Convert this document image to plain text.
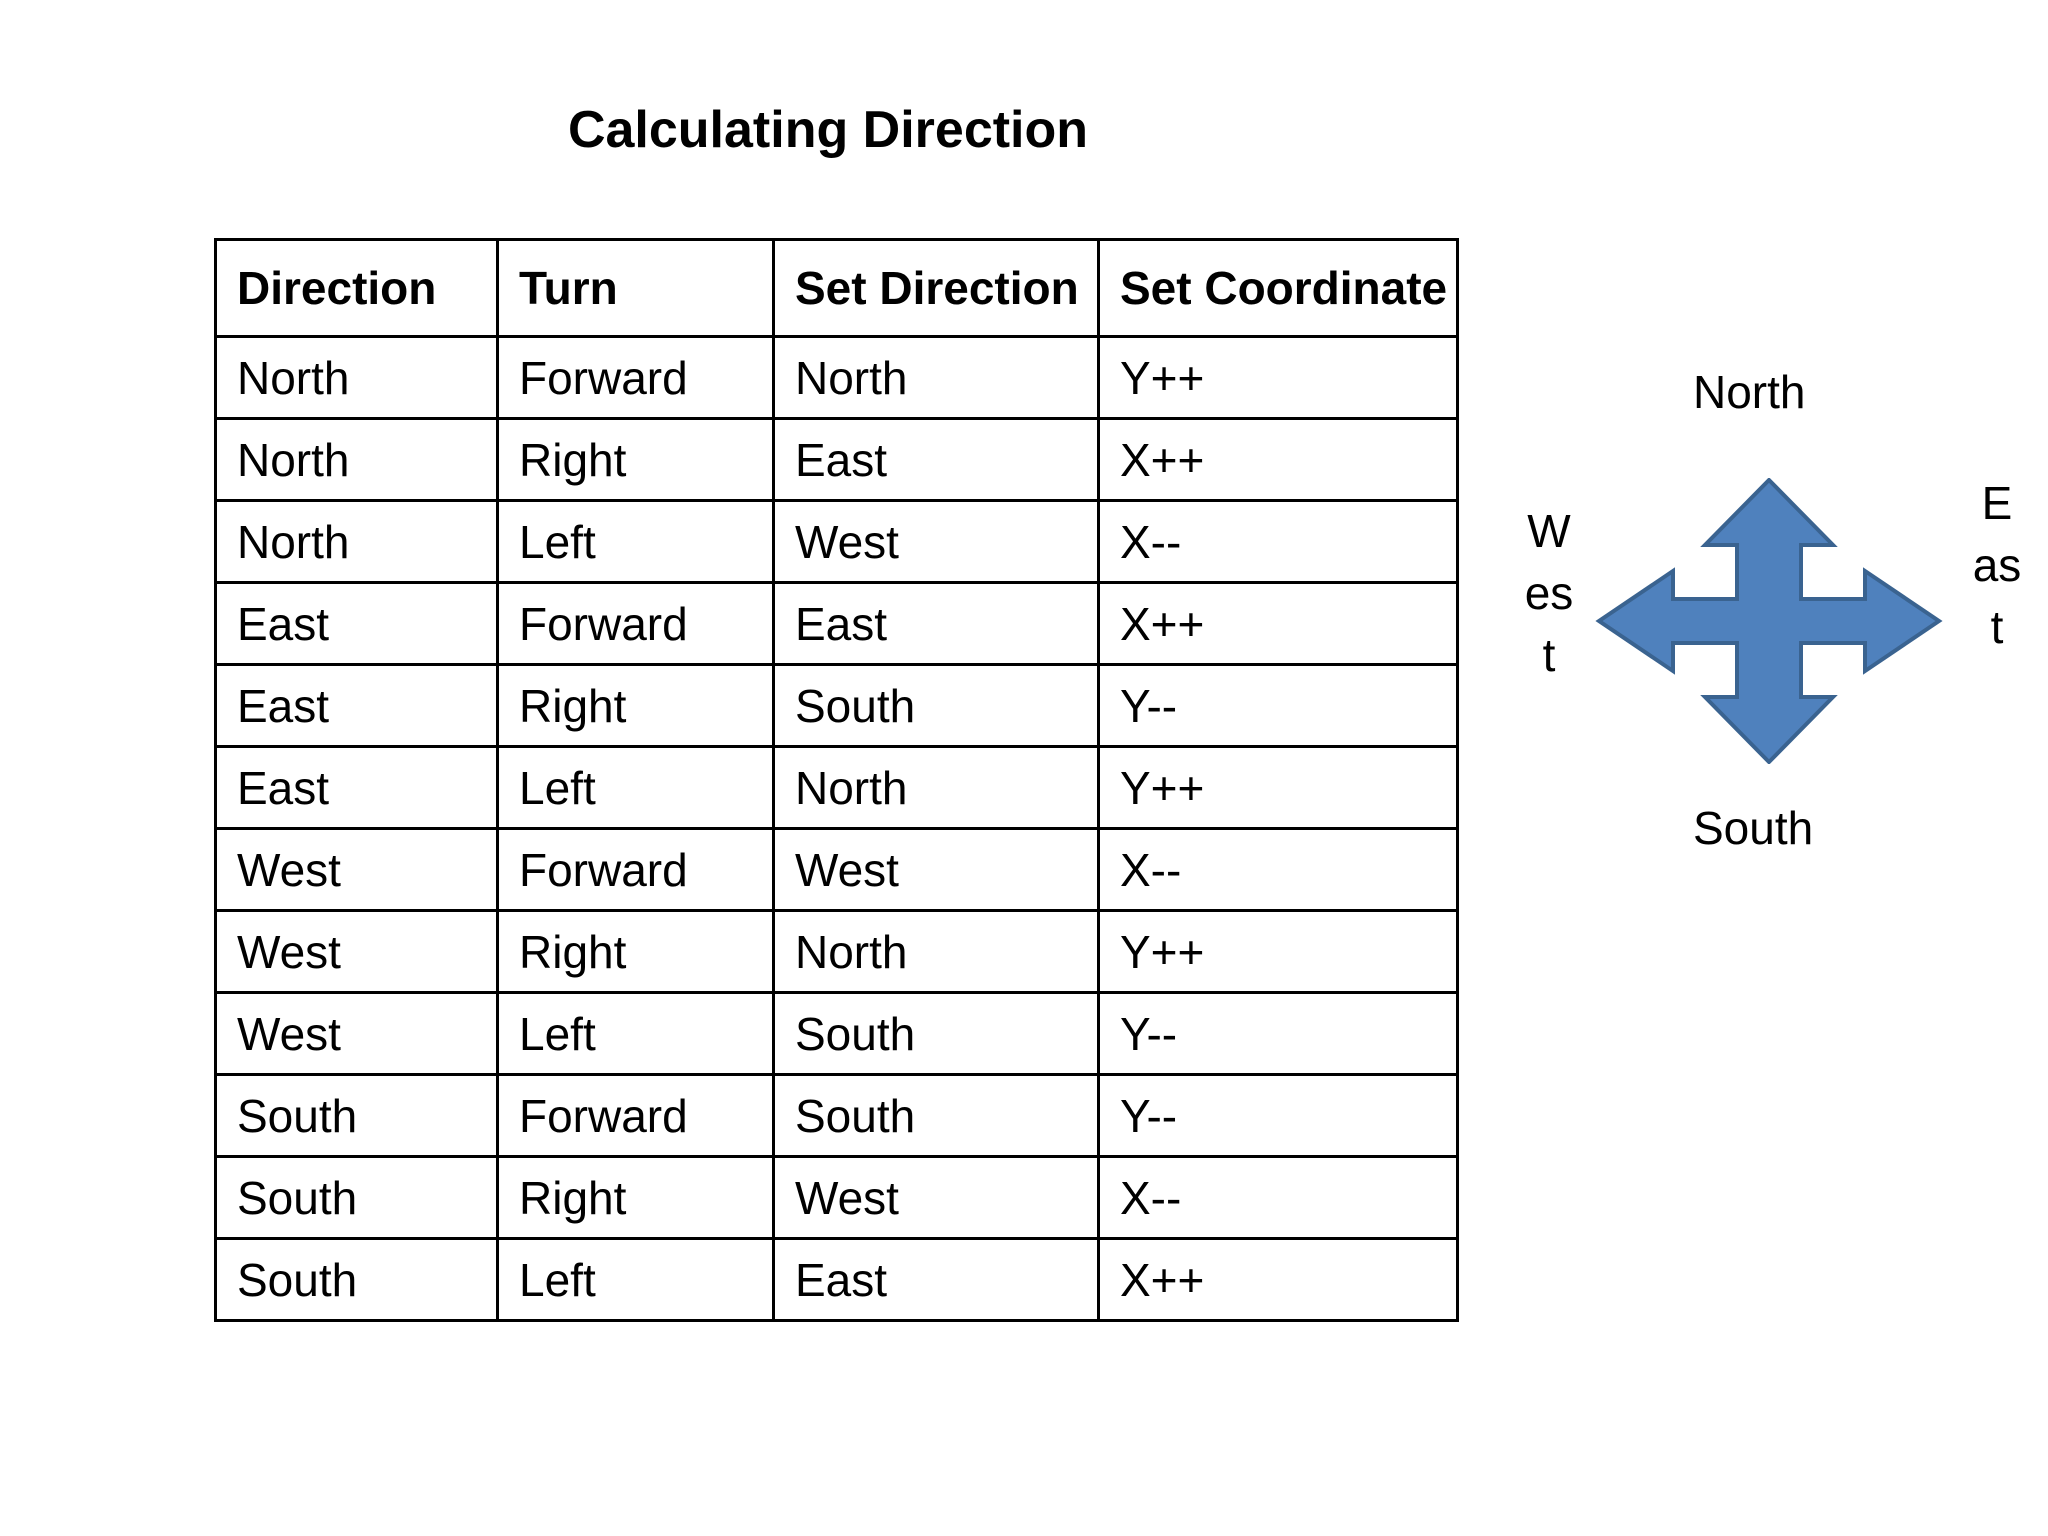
Calculating Direction
Direction	Turn	Set Direction	Set Coordinate
North	Forward	North	Y++
North	Right	East	X++
North	Left	West	X--
East	Forward	East	X++
East	Right	South	Y--
East	Left	North	Y++
West	Forward	West	X--
West	Right	North	Y++
West	Left	South	Y--
South	Forward	South	Y--
South	Right	West	X--
South	Left	East	X++
North
South
West
East
